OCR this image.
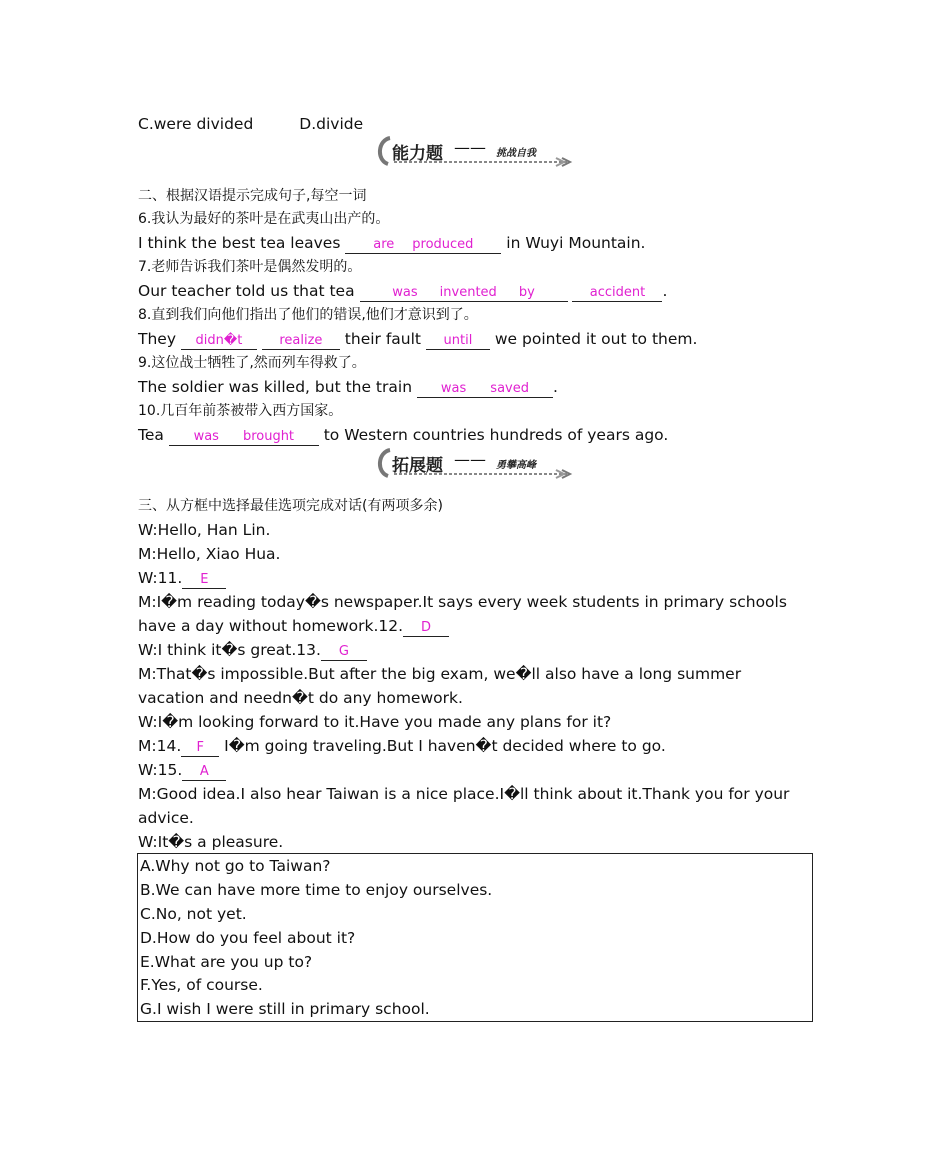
C.were divided	D.divide
能力题 —— 挑战自我
二、根据汉语提示完成句子,每空一词
6.我认为最好的茶叶是在武夷山出产的。
I think the best tea leaves are produced in Wuyi Mountain.
7.老师告诉我们茶叶是偶然发明的。
Our teacher told us that tea	was invented by	accident .
8.直到我们向他们指出了他们的错误,他们才意识到了。
They didn�t	realize their fault until we pointed it out to them.
9.这位战士牺牲了,然而列车得救了。
The soldier was killed, but the train was saved .
10.几百年前茶被带入西方国家。
Tea was brought to Western countries hundreds of years ago.
拓展题 —— 勇攀高峰
三、从方框中选择最佳选项完成对话(有两项多余)
W:Hello, Han Lin.
M:Hello, Xiao Hua.
W:11. E
M:I�m reading today�s newspaper.It says every week students in primary schools
have a day without homework.12. D
W:I think it�s great.13. G
M:That�s impossible.But after the big exam, we�ll also have a long summer
vacation and needn�t do any homework.
W:I�m looking forward to it.Have you made any plans for it?
M:14. F I�m going traveling.But I haven�t decided where to go.
W:15. A
M:Good idea.I also hear Taiwan is a nice place.I�ll think about it.Thank you for your
advice.
W:It�s a pleasure.
A.Why not go to Taiwan?
B.We can have more time to enjoy ourselves.
C.No, not yet.
D.How do you feel about it?
E.What are you up to?
F.Yes, of course.
G.I wish I were still in primary school.
